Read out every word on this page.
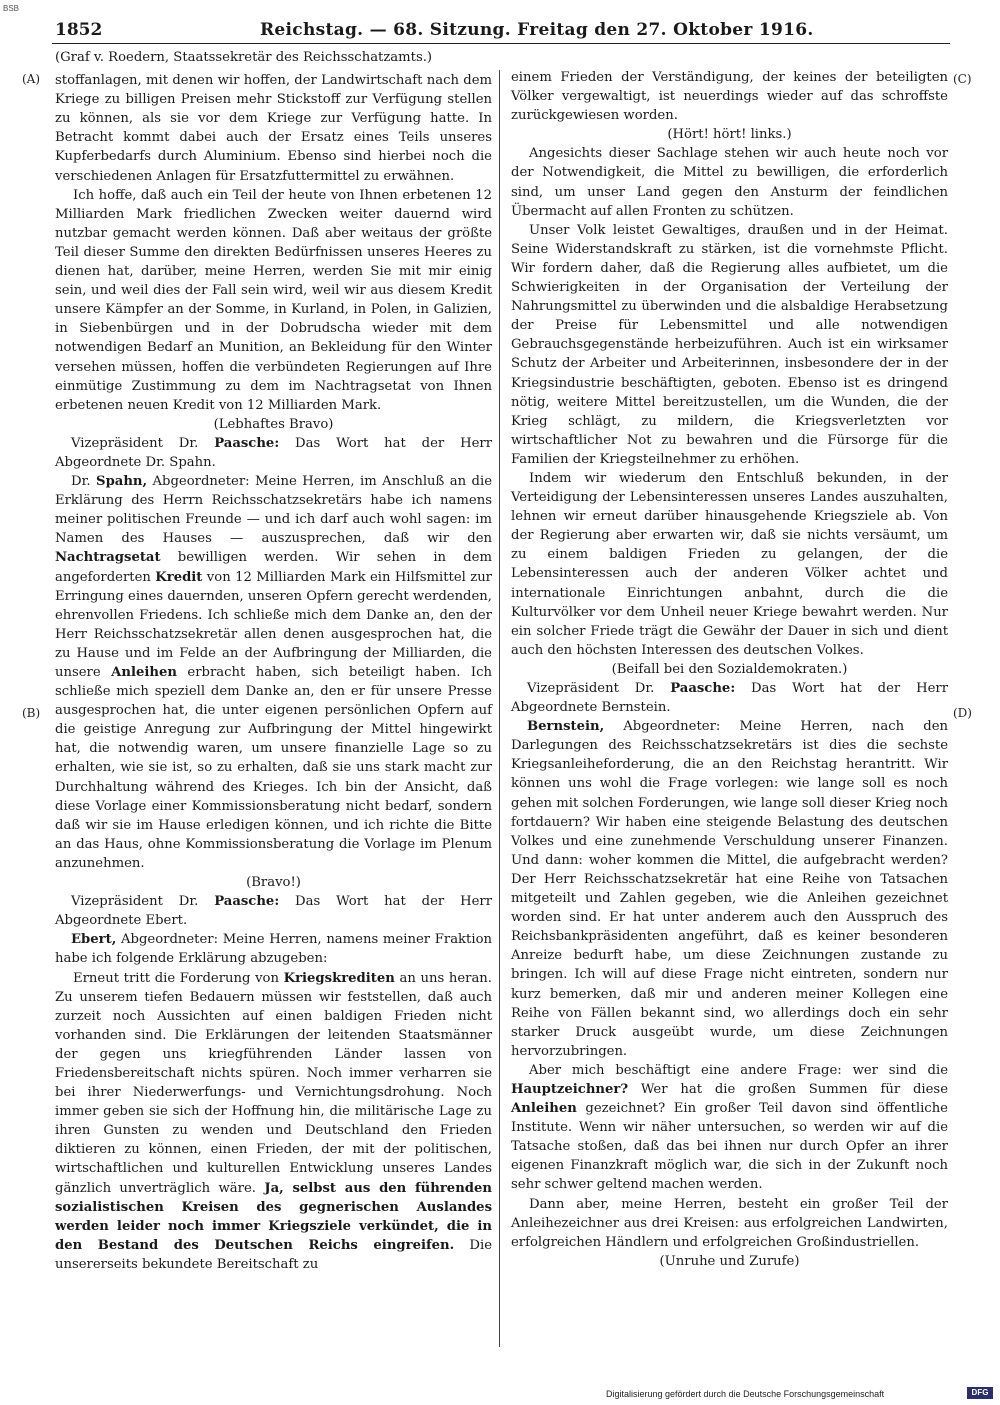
BSB
1852	Reichstag. — 68. Sitzung. Freitag den 27. Oktober 1916.
(A)
(B)
(C)
(D)

(Graf v. Roedern, Staatssekretär des Reichsschatzamts.)

stoffanlagen, mit denen wir hoffen, der Landwirtschaft nach dem Kriege zu billigen Preisen mehr Stickstoff zur Verfügung stellen zu können, als sie vor dem Kriege zur Verfügung hatte. In Betracht kommt dabei auch der Ersatz eines Teils unseres Kupferbedarfs durch Aluminium. Ebenso sind hierbei noch die verschiedenen Anlagen für Ersatzfuttermittel zu erwähnen.

Ich hoffe, daß auch ein Teil der heute von Ihnen erbetenen 12 Milliarden Mark friedlichen Zwecken weiter dauernd wird nutzbar gemacht werden können. Daß aber weitaus der größte Teil dieser Summe den direkten Bedürfnissen unseres Heeres zu dienen hat, darüber, meine Herren, werden Sie mit mir einig sein, und weil dies der Fall sein wird, weil wir aus diesem Kredit unsere Kämpfer an der Somme, in Kurland, in Polen, in Galizien, in Siebenbürgen und in der Dobrudscha wieder mit dem notwendigen Bedarf an Munition, an Bekleidung für den Winter versehen müssen, hoffen die verbündeten Regierungen auf Ihre einmütige Zustimmung zu dem im Nachtragsetat von Ihnen erbetenen neuen Kredit von 12 Milliarden Mark.

(Lebhaftes Bravo)

Vizepräsident Dr. Paasche: Das Wort hat der Herr Abgeordnete Dr. Spahn.

Dr. Spahn, Abgeordneter: Meine Herren, im Anschluß an die Erklärung des Herrn Reichsschatzsekretärs habe ich namens meiner politischen Freunde — und ich darf auch wohl sagen: im Namen des Hauses — auszusprechen, daß wir den Nachtragsetat bewilligen werden. Wir sehen in dem angeforderten Kredit von 12 Milliarden Mark ein Hilfsmittel zur Erringung eines dauernden, unseren Opfern gerecht werdenden, ehrenvollen Friedens. Ich schließe mich dem Danke an, den der Herr Reichsschatzsekretär allen denen ausgesprochen hat, die zu Hause und im Felde an der Aufbringung der Milliarden, die unsere Anleihen erbracht haben, sich beteiligt haben. Ich schließe mich speziell dem Danke an, den er für unsere Presse ausgesprochen hat, die unter eigenen persönlichen Opfern auf die geistige Anregung zur Aufbringung der Mittel hingewirkt hat, die notwendig waren, um unsere finanzielle Lage so zu erhalten, wie sie ist, so zu erhalten, daß sie uns stark macht zur Durchhaltung während des Krieges. Ich bin der Ansicht, daß diese Vorlage einer Kommissionsberatung nicht bedarf, sondern daß wir sie im Hause erledigen können, und ich richte die Bitte an das Haus, ohne Kommissionsberatung die Vorlage im Plenum anzunehmen.

(Bravo!)

Vizepräsident Dr. Paasche: Das Wort hat der Herr Abgeordnete Ebert.

Ebert, Abgeordneter: Meine Herren, namens meiner Fraktion habe ich folgende Erklärung abzugeben:

Erneut tritt die Forderung von Kriegskrediten an uns heran. Zu unserem tiefen Bedauern müssen wir feststellen, daß auch zurzeit noch Aussichten auf einen baldigen Frieden nicht vorhanden sind. Die Erklärungen der leitenden Staatsmänner der gegen uns kriegführenden Länder lassen von Friedensbereitschaft nichts spüren. Noch immer verharren sie bei ihrer Niederwerfungs- und Vernichtungsdrohung. Noch immer geben sie sich der Hoffnung hin, die militärische Lage zu ihren Gunsten zu wenden und Deutschland den Frieden diktieren zu können, einen Frieden, der mit der politischen, wirtschaftlichen und kulturellen Entwicklung unseres Landes gänzlich unverträglich wäre. Ja, selbst aus den führenden sozialistischen Kreisen des gegnerischen Auslandes werden leider noch immer Kriegsziele verkündet, die in den Bestand des Deutschen Reichs eingreifen. Die unsererseits bekundete Bereitschaft zu

einem Frieden der Verständigung, der keines der beteiligten Völker vergewaltigt, ist neuerdings wieder auf das schroffste zurückgewiesen worden.

(Hört! hört! links.)

Angesichts dieser Sachlage stehen wir auch heute noch vor der Notwendigkeit, die Mittel zu bewilligen, die erforderlich sind, um unser Land gegen den Ansturm der feindlichen Übermacht auf allen Fronten zu schützen.

Unser Volk leistet Gewaltiges, draußen und in der Heimat. Seine Widerstandskraft zu stärken, ist die vornehmste Pflicht. Wir fordern daher, daß die Regierung alles aufbietet, um die Schwierigkeiten in der Organisation der Verteilung der Nahrungsmittel zu überwinden und die alsbaldige Herabsetzung der Preise für Lebensmittel und alle notwendigen Gebrauchsgegenstände herbeizuführen. Auch ist ein wirksamer Schutz der Arbeiter und Arbeiterinnen, insbesondere der in der Kriegsindustrie beschäftigten, geboten. Ebenso ist es dringend nötig, weitere Mittel bereitzustellen, um die Wunden, die der Krieg schlägt, zu mildern, die Kriegsverletzten vor wirtschaftlicher Not zu bewahren und die Fürsorge für die Familien der Kriegsteilnehmer zu erhöhen.

Indem wir wiederum den Entschluß bekunden, in der Verteidigung der Lebensinteressen unseres Landes auszuhalten, lehnen wir erneut darüber hinausgehende Kriegsziele ab. Von der Regierung aber erwarten wir, daß sie nichts versäumt, um zu einem baldigen Frieden zu gelangen, der die Lebensinteressen auch der anderen Völker achtet und internationale Einrichtungen anbahnt, durch die die Kulturvölker vor dem Unheil neuer Kriege bewahrt werden. Nur ein solcher Friede trägt die Gewähr der Dauer in sich und dient auch den höchsten Interessen des deutschen Volkes.

(Beifall bei den Sozialdemokraten.)

Vizepräsident Dr. Paasche: Das Wort hat der Herr Abgeordnete Bernstein.

Bernstein, Abgeordneter: Meine Herren, nach den Darlegungen des Reichsschatzsekretärs ist dies die sechste Kriegsanleiheforderung, die an den Reichstag herantritt. Wir können uns wohl die Frage vorlegen: wie lange soll es noch gehen mit solchen Forderungen, wie lange soll dieser Krieg noch fortdauern? Wir haben eine steigende Belastung des deutschen Volkes und eine zunehmende Verschuldung unserer Finanzen. Und dann: woher kommen die Mittel, die aufgebracht werden? Der Herr Reichsschatzsekretär hat eine Reihe von Tatsachen mitgeteilt und Zahlen gegeben, wie die Anleihen gezeichnet worden sind. Er hat unter anderem auch den Ausspruch des Reichsbankpräsidenten angeführt, daß es keiner besonderen Anreize bedurft habe, um diese Zeichnungen zustande zu bringen. Ich will auf diese Frage nicht eintreten, sondern nur kurz bemerken, daß mir und anderen meiner Kollegen eine Reihe von Fällen bekannt sind, wo allerdings doch ein sehr starker Druck ausgeübt wurde, um diese Zeichnungen hervorzubringen.

Aber mich beschäftigt eine andere Frage: wer sind die Hauptzeichner? Wer hat die großen Summen für diese Anleihen gezeichnet? Ein großer Teil davon sind öffentliche Institute. Wenn wir näher untersuchen, so werden wir auf die Tatsache stoßen, daß das bei ihnen nur durch Opfer an ihrer eigenen Finanzkraft möglich war, die sich in der Zukunft noch sehr schwer geltend machen werden.

Dann aber, meine Herren, besteht ein großer Teil der Anleihezeichner aus drei Kreisen: aus erfolgreichen Landwirten, erfolgreichen Händlern und erfolgreichen Großindustriellen.

(Unruhe und Zurufe)

Digitalisierung gefördert durch die Deutsche Forschungsgemeinschaft	DFG
